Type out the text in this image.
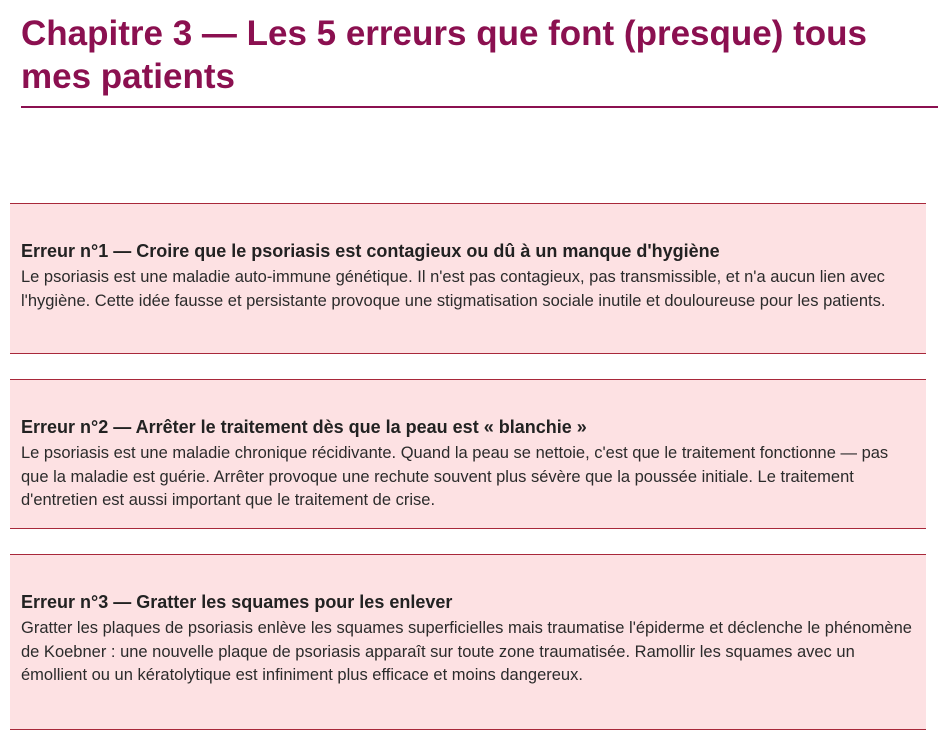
Chapitre 3 — Les 5 erreurs que font (presque) tous mes patients
Erreur n°1 — Croire que le psoriasis est contagieux ou dû à un manque d'hygiène

Le psoriasis est une maladie auto-immune génétique. Il n'est pas contagieux, pas transmissible, et n'a aucun lien avec l'hygiène. Cette idée fausse et persistante provoque une stigmatisation sociale inutile et douloureuse pour les patients.

Erreur n°2 — Arrêter le traitement dès que la peau est « blanchie »

Le psoriasis est une maladie chronique récidivante. Quand la peau se nettoie, c'est que le traitement fonctionne — pas que la maladie est guérie. Arrêter provoque une rechute souvent plus sévère que la poussée initiale. Le traitement d'entretien est aussi important que le traitement de crise.

Erreur n°3 — Gratter les squames pour les enlever

Gratter les plaques de psoriasis enlève les squames superficielles mais traumatise l'épiderme et déclenche le phénomène de Koebner : une nouvelle plaque de psoriasis apparaît sur toute zone traumatisée. Ramollir les squames avec un émollient ou un kératolytique est infiniment plus efficace et moins dangereux.
